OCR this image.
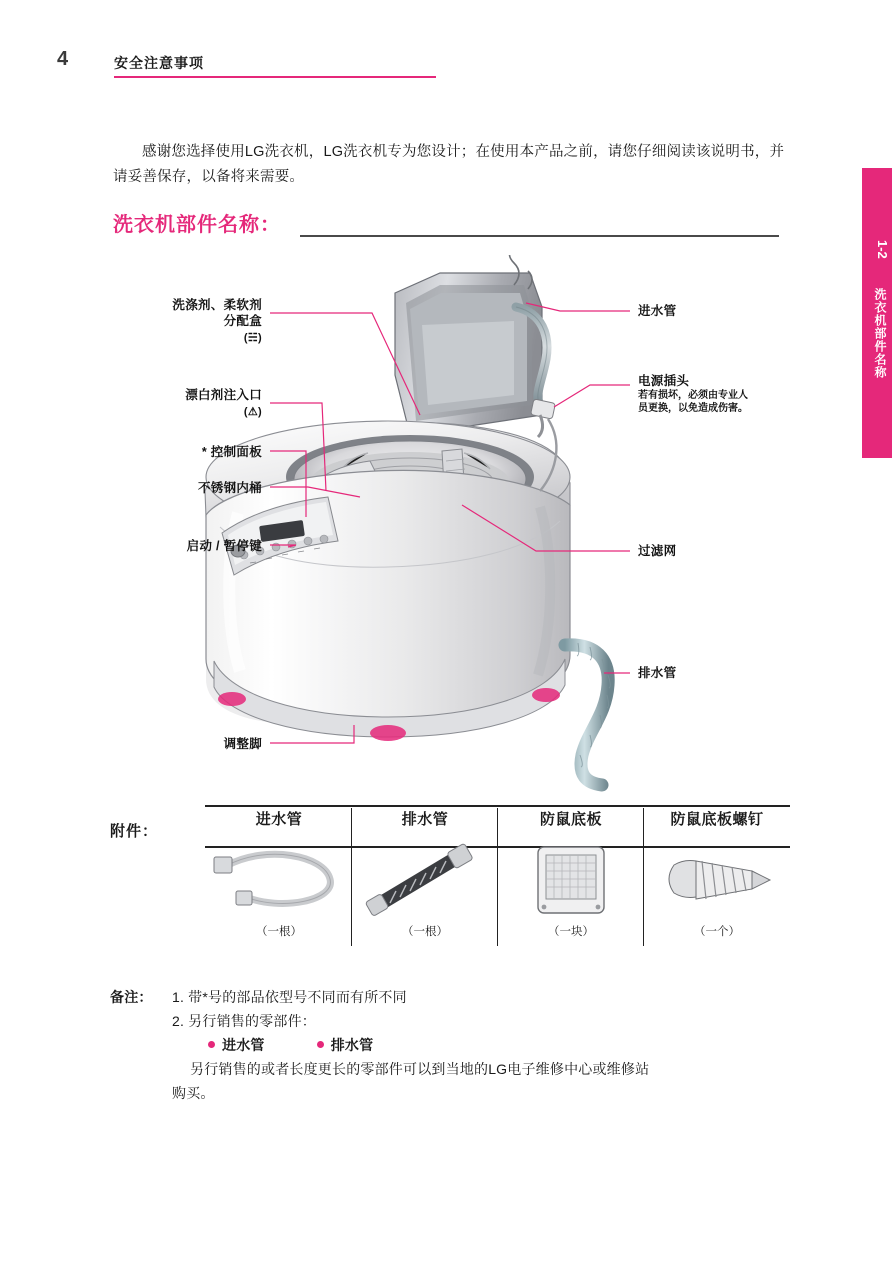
4	安全注意事项
1-2
洗衣机部件名称
感谢您选择使用LG洗衣机，LG洗衣机专为您设计；在使用本产品之前，请您仔细阅读该说明书，并请妥善保存，以备将来需要。
洗衣机部件名称：
洗涤剂、柔软剂
分配盒
(☵)
漂白剂注入口
(⚠)
* 控制面板
不锈钢内桶
启动 / 暂停键
调整脚
进水管
电源插头
若有损坏，必须由专业人
员更换，以免造成伤害。
过滤网
排水管
附件：
进水管
（一根）
排水管
（一根）
防鼠底板
（一块）
防鼠底板螺钉
（一个）
备注： 1. 带*号的部品依型号不同而有所不同
2. 另行销售的零部件：
进水管	排水管
另行销售的或者长度更长的零部件可以到当地的LG电子维修中心或维修站
购买。
